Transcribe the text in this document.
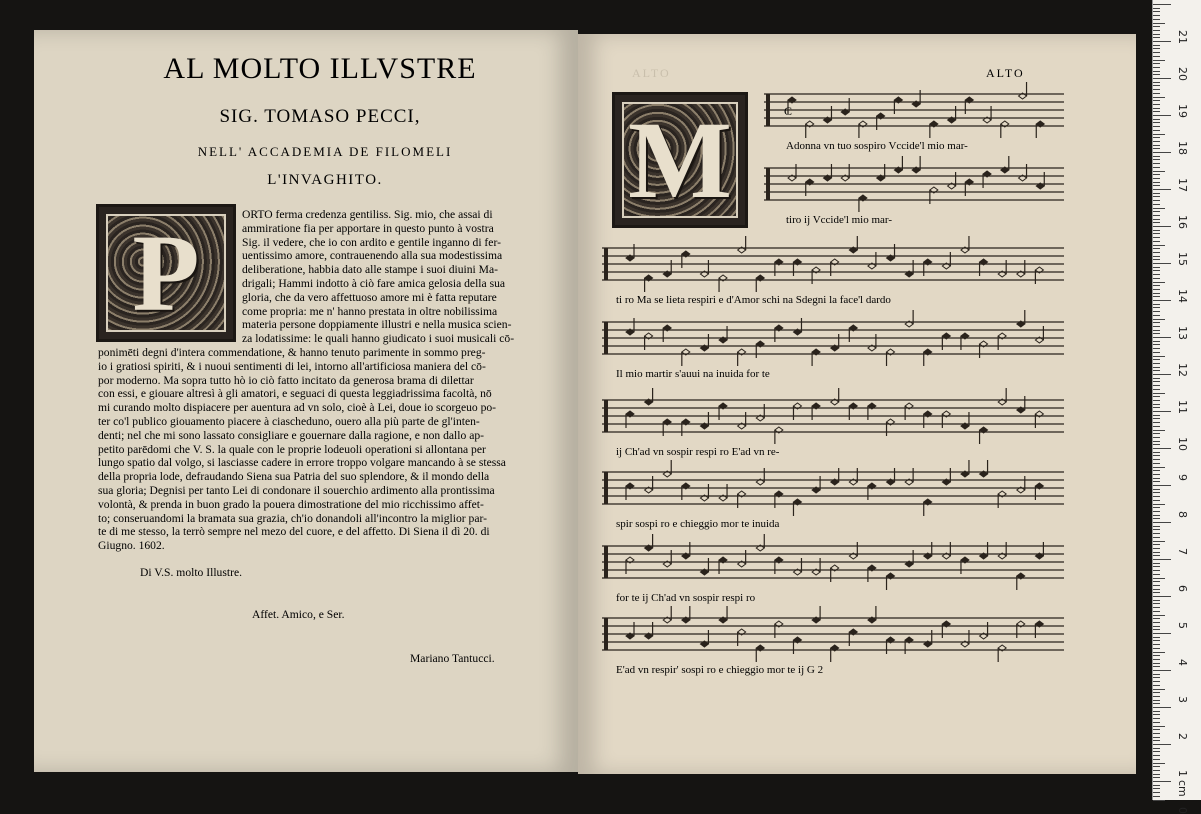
AL MOLTO ILLVSTRE
SIG. TOMASO PECCI,
NELL' ACCADEMIA DE FILOMELI
L'INVAGHITO.
P	ORTO ferma credenza gentiliss. Sig. mio, che assai di
ammiratione fia per apportare in questo punto à vostra
Sig. il vedere, che io con ardito e gentile inganno di fer-
uentissimo amore, contrauenendo alla sua modestissima
deliberatione, habbia dato alle stampe i suoi diuini Ma-
drigali; Hammi indotto à ciò fare amica gelosia della sua
gloria, che da vero affettuoso amore mi è fatta reputare
come propria: me n' hanno prestata in oltre nobilissima
materia persone doppiamente illustri e nella musica scien-
za lodatissime: le quali hanno giudicato i suoi musicali cō-
ponimēti degni d'intera commendatione, & hanno tenuto parimente in sommo preg-
io i gratiosi spiriti, & i nuoui sentimenti di lei, intorno all'artificiosa maniera del cō-
por moderno. Ma sopra tutto hò io ciò fatto incitato da generosa brama di dilettar
con essi, e giouare altresì à gli amatori, e seguaci di questa leggiadrissima facoltà, nō
mi curando molto dispiacere per auentura ad vn solo, cioè à Lei, doue io scorgeuo po-
ter co'l publico giouamento piacere à ciascheduno, ouero alla più parte de gl'inten-
denti; nel che mi sono lassato consigliare e gouernare dalla ragione, e non dallo ap-
petito parēdomi che V. S. la quale con le proprie lodeuoli operationi si allontana per
lungo spatio dal volgo, si lasciasse cadere in errore troppo volgare mancando à se stessa
della propria lode, defraudando Siena sua Patria del suo splendore, & il mondo della
sua gloria; Degnisi per tanto Lei di condonare il souerchio ardimento alla prontissima
volontà, & prenda in buon grado la pouera dimostratione del mio ricchissimo affet-
to; conseruandomi la bramata sua grazia, ch'io donandoli all'incontro la miglior par-
te di me stesso, la terrò sempre nel mezo del cuore, e del affetto. Di Siena il dì 20. di
Giugno. 1602.
Di V.S. molto Illustre.
Affet. Amico, e Ser.
Mariano Tantucci.
ALTO	ALTO
M	Adonna vn tuo sospiro Vccide'l mio mar-
tiro ij Vccide'l mio mar-
ti ro Ma se lieta respiri e d'Amor schi na Sdegni la face'l dardo
Il mio martir s'auui na inuida for te
ij Ch'ad vn sospir respi ro E'ad vn re-
spir sospi ro e chieggio mor te inuida
for te ij Ch'ad vn sospir respi ro
E'ad vn respir' sospi ro e chieggio mor te ij G 2
C
21
20
19
18
17
16
15
14
13
12
11
10
9
8
7
6
5
4
3
2
1
0
cm
